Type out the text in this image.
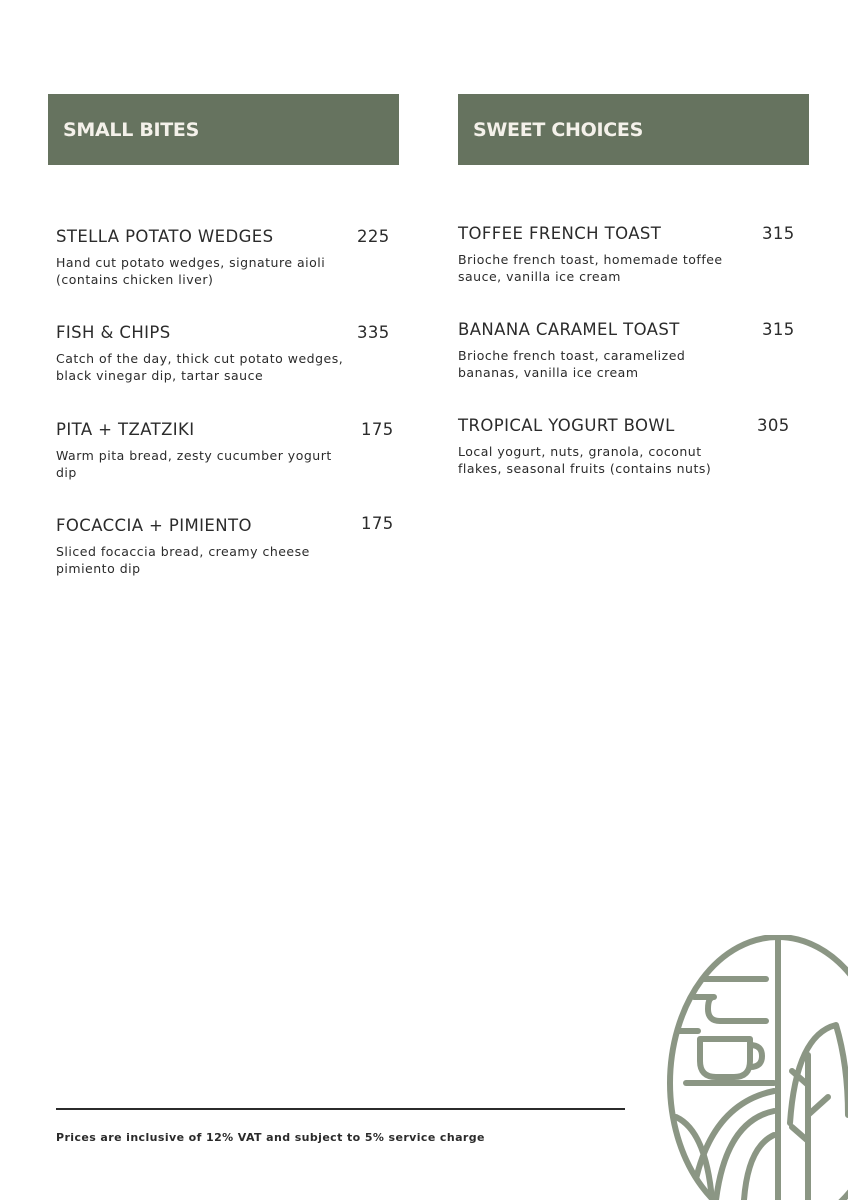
SMALL BITES	SWEET CHOICES
STELLA POTATO WEDGES	225
Hand cut potato wedges, signature aioli (contains chicken liver)
FISH & CHIPS	335
Catch of the day, thick cut potato wedges, black vinegar dip, tartar sauce
PITA + TZATZIKI	175
Warm pita bread, zesty cucumber yogurt dip
FOCACCIA + PIMIENTO	175
Sliced focaccia bread, creamy cheese pimiento dip
TOFFEE FRENCH TOAST	315
Brioche french toast, homemade toffee sauce, vanilla ice cream
BANANA CARAMEL TOAST	315
Brioche french toast, caramelized bananas, vanilla ice cream
TROPICAL YOGURT BOWL	305
Local yogurt, nuts, granola, coconut flakes, seasonal fruits (contains nuts)
Prices are inclusive of 12% VAT and subject to 5% service charge
